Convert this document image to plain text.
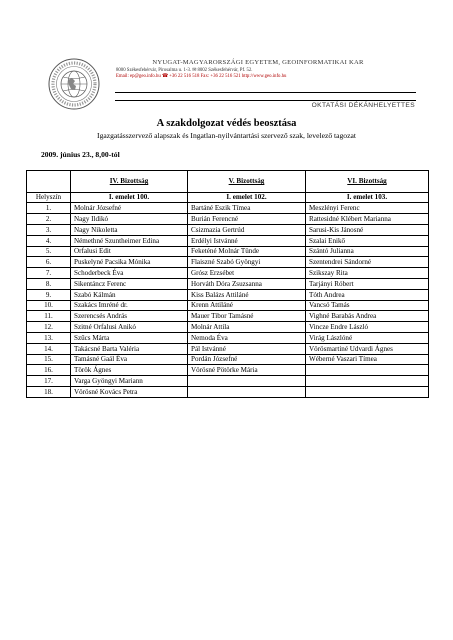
NYUGAT-MAGYARORSZÁGI EGYETEM, GEOINFORMATIKAI KAR
8000 Székesfehérvár, Pirosalma u. 1-3. ✉ 8002 Székesfehérvár, Pf. 52.
Email: ep@geo.info.hu ☎ +36 22 516 518 Fax: +36 22 516 521 http://www.geo.info.hu
OKTATÁSI DÉKÁNHELYETTES
A szakdolgozat védés beosztása
Igazgatásszervező alapszak és Ingatlan-nyilvántartási szervező szak, levelező tagozat
2009. június 23., 8,00-tól
	IV. Bizottság	V. Bizottság	VI. Bizottság
Helyszín	I. emelet 100.	I. emelet 102.	I. emelet 103.
1.	Molnár Józsefné	Bartáné Eszik Tímea	Meszlényi Ferenc
2.	Nagy Ildikó	Burián Ferencné	Rattesidné Klébert Marianna
3.	Nagy Nikoletta	Csizmazia Gertrúd	Sarusi-Kis Jánosné
4.	Némethné Szuntheimer Edina	Erdélyi Istvánné	Szalai Enikő
5.	Orfalusi Edit	Feketéné Molnár Tünde	Szántó Julianna
6.	Puskelyné Pacsika Mónika	Flaiszné Szabó Gyöngyi	Szentendrei Sándorné
7.	Schoderbeck Éva	Grósz Erzsébet	Szikszay Rita
8.	Sikentáncz Ferenc	Horváth Dóra Zsuzsanna	Tarjányi Róbert
9.	Szabó Kálmán	Kiss Balázs Attiláné	Tóth Andrea
10.	Szakács Imréné dr.	Krenn Attiláné	Vancsó Tamás
11.	Szerencsés András	Mauer Tibor Tamásné	Vighné Barabás Andrea
12.	Szitné Orfalusi Anikó	Molnár Attila	Vincze Endre László
13.	Szűcs Márta	Nemoda Éva	Virág Lászlóné
14.	Takácsné Barta Valéria	Pál Istvánné	Vörösmartiné Udvardi Ágnes
15.	Tamásné Gaál Éva	Pordán Józsefné	Wéberné Vaszari Tímea
16.	Török Ágnes	Vörösné Pötörke Mária	
17.	Varga Gyöngyi Mariann		
18.	Vörösné Kovács Petra		
